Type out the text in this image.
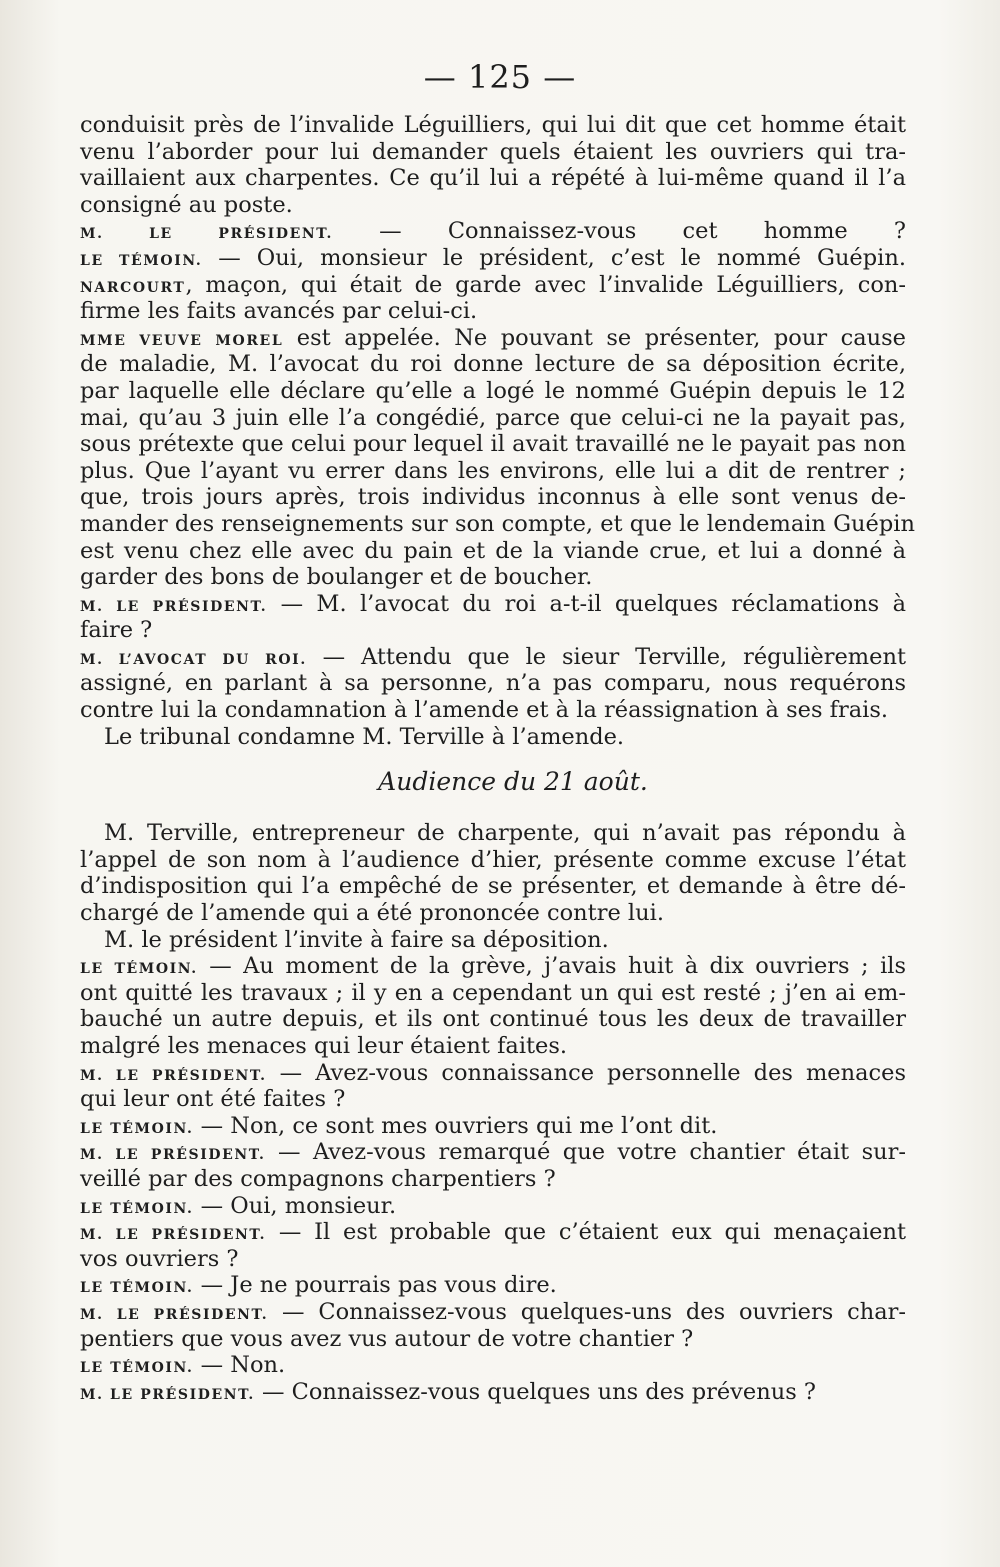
— 125 —
conduisit près de l’invalide Léguilliers, qui lui dit que cet homme était
venu l’aborder pour lui demander quels étaient les ouvriers qui tra-
vaillaient aux charpentes. Ce qu’il lui a répété à lui-même quand il l’a
consigné au poste.
M. LE PRÉSIDENT. — Connaissez-vous cet homme ?
LE TÉMOIN. — Oui, monsieur le président, c’est le nommé Guépin.
NARCOURT, maçon, qui était de garde avec l’invalide Léguilliers, con-
firme les faits avancés par celui-ci.
MME VEUVE MOREL est appelée. Ne pouvant se présenter, pour cause
de maladie, M. l’avocat du roi donne lecture de sa déposition écrite,
par laquelle elle déclare qu’elle a logé le nommé Guépin depuis le 12
mai, qu’au 3 juin elle l’a congédié, parce que celui-ci ne la payait pas,
sous prétexte que celui pour lequel il avait travaillé ne le payait pas non
plus. Que l’ayant vu errer dans les environs, elle lui a dit de rentrer ;
que, trois jours après, trois individus inconnus à elle sont venus de-
mander des renseignements sur son compte, et que le lendemain Guépin
est venu chez elle avec du pain et de la viande crue, et lui a donné à
garder des bons de boulanger et de boucher.
M. LE PRÉSIDENT. — M. l’avocat du roi a-t-il quelques réclamations à
faire ?
M. L’AVOCAT DU ROI. — Attendu que le sieur Terville, régulièrement
assigné, en parlant à sa personne, n’a pas comparu, nous requérons
contre lui la condamnation à l’amende et à la réassignation à ses frais.
Le tribunal condamne M. Terville à l’amende.
Audience du 21 août.
M. Terville, entrepreneur de charpente, qui n’avait pas répondu à
l’appel de son nom à l’audience d’hier, présente comme excuse l’état
d’indisposition qui l’a empêché de se présenter, et demande à être dé-
chargé de l’amende qui a été prononcée contre lui.
M. le président l’invite à faire sa déposition.
LE TÉMOIN. — Au moment de la grève, j’avais huit à dix ouvriers ; ils
ont quitté les travaux ; il y en a cependant un qui est resté ; j’en ai em-
bauché un autre depuis, et ils ont continué tous les deux de travailler
malgré les menaces qui leur étaient faites.
M. LE PRÉSIDENT. — Avez-vous connaissance personnelle des menaces
qui leur ont été faites ?
LE TÉMOIN. — Non, ce sont mes ouvriers qui me l’ont dit.
M. LE PRÉSIDENT. — Avez-vous remarqué que votre chantier était sur-
veillé par des compagnons charpentiers ?
LE TÉMOIN. — Oui, monsieur.
M. LE PRÉSIDENT. — Il est probable que c’étaient eux qui menaçaient
vos ouvriers ?
LE TÉMOIN. — Je ne pourrais pas vous dire.
M. LE PRÉSIDENT. — Connaissez-vous quelques-uns des ouvriers char-
pentiers que vous avez vus autour de votre chantier ?
LE TÉMOIN. — Non.
M. LE PRÉSIDENT. — Connaissez-vous quelques uns des prévenus ?
